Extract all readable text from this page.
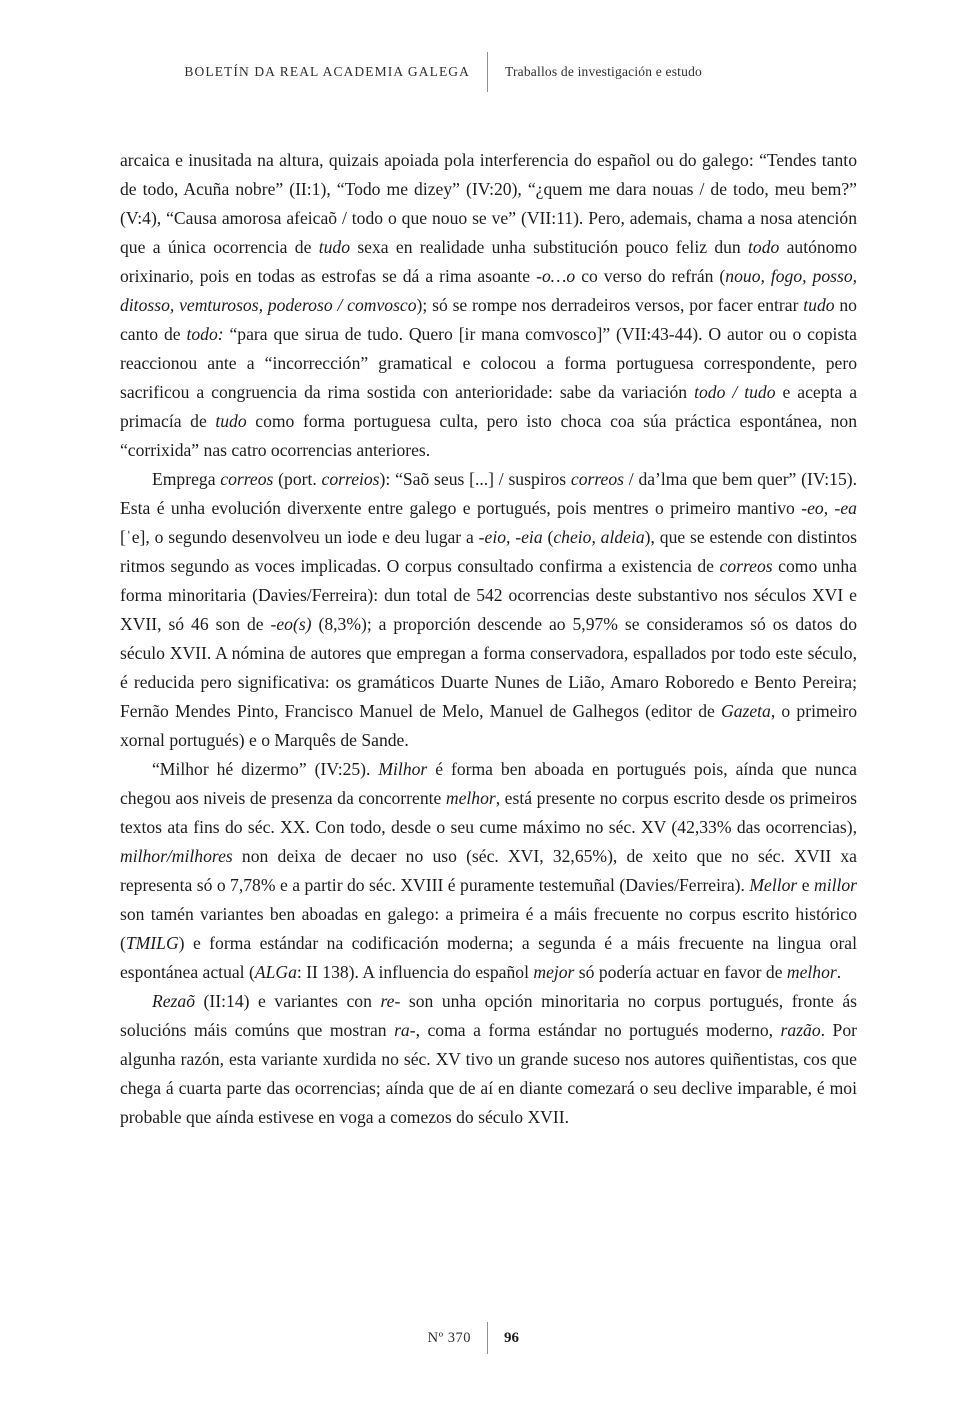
BOLETÍN DA REAL ACADEMIA GALEGA	Traballos de investigación e estudo

arcaica e inusitada na altura, quizais apoiada pola interferencia do español ou do galego: “Tendes tanto de todo, Acuña nobre” (II:1), “Todo me dizey” (IV:20), “¿quem me dara nouas / de todo, meu bem?” (V:4), “Causa amorosa afeicaõ / todo o que nouo se ve” (VII:11). Pero, ademais, chama a nosa atención que a única ocorrencia de tudo sexa en realidade unha substitución pouco feliz dun todo autónomo orixinario, pois en todas as estrofas se dá a rima asoante -o…o co verso do refrán (nouo, fogo, posso, ditosso, vemturosos, poderoso / comvosco); só se rompe nos derradeiros versos, por facer entrar tudo no canto de todo: “para que sirua de tudo. Quero [ir mana comvosco]” (VII:43-44). O autor ou o copista reaccionou ante a “incorrección” gramatical e colocou a forma portuguesa correspondente, pero sacrificou a congruencia da rima sostida con anterioridade: sabe da variación todo / tudo e acepta a primacía de tudo como forma portuguesa culta, pero isto choca coa súa práctica espontánea, non “corrixida” nas catro ocorrencias anteriores.

Emprega correos (port. correios): “Saõ seus [...] / suspiros correos / da’lma que bem quer” (IV:15). Esta é unha evolución diverxente entre galego e portugués, pois mentres o primeiro mantivo -eo, -ea [ˈe], o segundo desenvolveu un iode e deu lugar a -eio, -eia (cheio, aldeia), que se estende con distintos ritmos segundo as voces implicadas. O corpus consultado confirma a existencia de correos como unha forma minoritaria (Davies/Ferreira): dun total de 542 ocorrencias deste substantivo nos séculos XVI e XVII, só 46 son de -eo(s) (8,3%); a proporción descende ao 5,97% se consideramos só os datos do século XVII. A nómina de autores que empregan a forma conservadora, espallados por todo este século, é reducida pero significativa: os gramáticos Duarte Nunes de Lião, Amaro Roboredo e Bento Pereira; Fernão Mendes Pinto, Francisco Manuel de Melo, Manuel de Galhegos (editor de Gazeta, o primeiro xornal portugués) e o Marquês de Sande.

“Milhor hé dizermo” (IV:25). Milhor é forma ben aboada en portugués pois, aínda que nunca chegou aos niveis de presenza da concorrente melhor, está presente no corpus escrito desde os primeiros textos ata fins do séc. XX. Con todo, desde o seu cume máximo no séc. XV (42,33% das ocorrencias), milhor/milhores non deixa de decaer no uso (séc. XVI, 32,65%), de xeito que no séc. XVII xa representa só o 7,78% e a partir do séc. XVIII é puramente testemuñal (Davies/Ferreira). Mellor e millor son tamén variantes ben aboadas en galego: a primeira é a máis frecuente no corpus escrito histórico (TMILG) e forma estándar na codificación moderna; a segunda é a máis frecuente na lingua oral espontánea actual (ALGa: II 138). A influencia do español mejor só podería actuar en favor de melhor.

Rezaõ (II:14) e variantes con re- son unha opción minoritaria no corpus portugués, fronte ás solucións máis comúns que mostran ra-, coma a forma estándar no portugués moderno, razão. Por algunha razón, esta variante xurdida no séc. XV tivo un grande suceso nos autores quiñentistas, cos que chega á cuarta parte das ocorrencias; aínda que de aí en diante comezará o seu declive imparable, é moi probable que aínda estivese en voga a comezos do século XVII.

Nº 370	96
